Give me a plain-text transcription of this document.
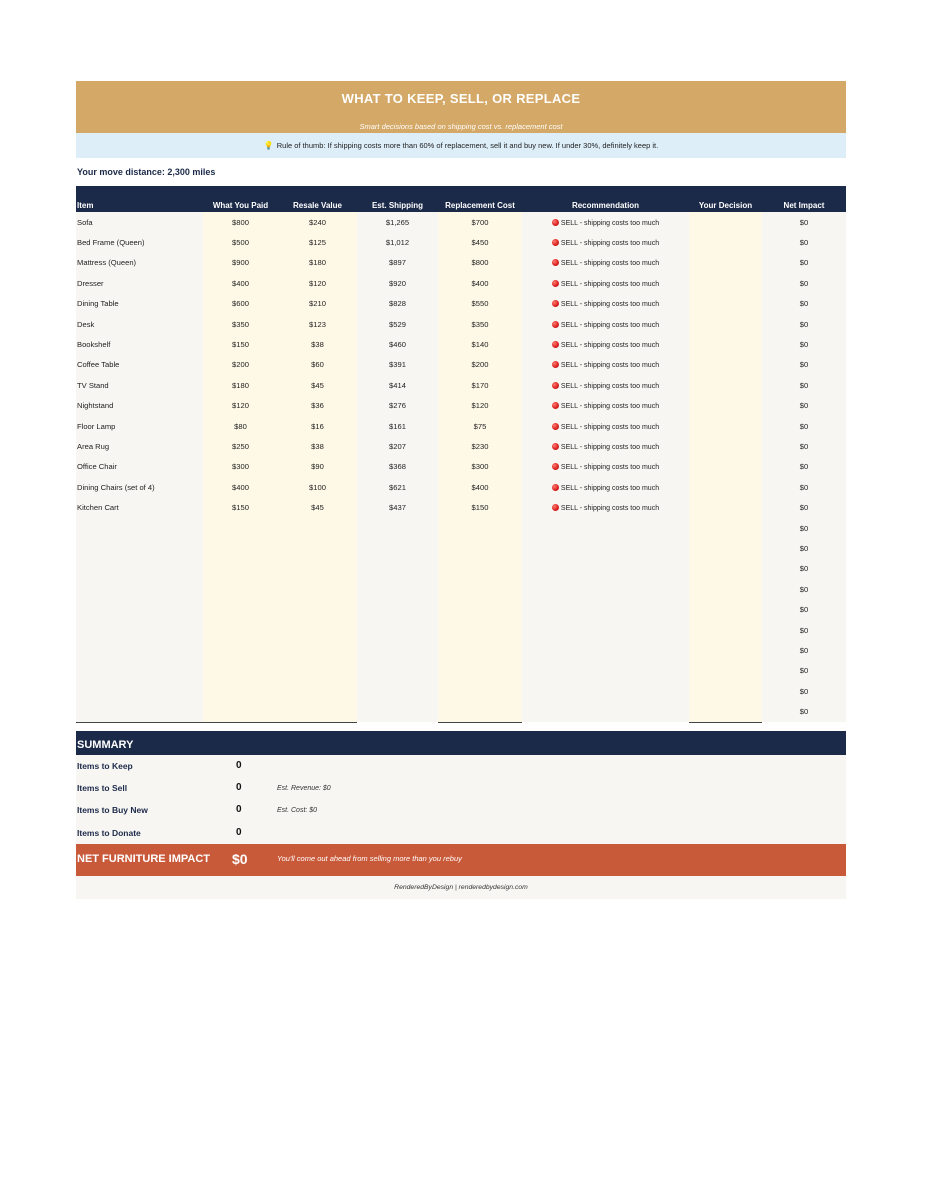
WHAT TO KEEP, SELL, OR REPLACE
Smart decisions based on shipping cost vs. replacement cost
💡 Rule of thumb: If shipping costs more than 60% of replacement, sell it and buy new. If under 30%, definitely keep it.
Your move distance: 2,300 miles
Item	What You Paid	Resale Value	Est. Shipping	Replacement Cost	Recommendation	Your Decision	Net Impact
Sofa	$800	$240	$1,265	$700	SELL - shipping costs too much		$0
Bed Frame (Queen)	$500	$125	$1,012	$450	SELL - shipping costs too much		$0
Mattress (Queen)	$900	$180	$897	$800	SELL - shipping costs too much		$0
Dresser	$400	$120	$920	$400	SELL - shipping costs too much		$0
Dining Table	$600	$210	$828	$550	SELL - shipping costs too much		$0
Desk	$350	$123	$529	$350	SELL - shipping costs too much		$0
Bookshelf	$150	$38	$460	$140	SELL - shipping costs too much		$0
Coffee Table	$200	$60	$391	$200	SELL - shipping costs too much		$0
TV Stand	$180	$45	$414	$170	SELL - shipping costs too much		$0
Nightstand	$120	$36	$276	$120	SELL - shipping costs too much		$0
Floor Lamp	$80	$16	$161	$75	SELL - shipping costs too much		$0
Area Rug	$250	$38	$207	$230	SELL - shipping costs too much		$0
Office Chair	$300	$90	$368	$300	SELL - shipping costs too much		$0
Dining Chairs (set of 4)	$400	$100	$621	$400	SELL - shipping costs too much		$0
Kitchen Cart	$150	$45	$437	$150	SELL - shipping costs too much		$0
							$0
							$0
							$0
							$0
							$0
							$0
							$0
							$0
							$0
							$0
SUMMARY
Items to Keep	0
Items to Sell	0	Est. Revenue: $0
Items to Buy New	0	Est. Cost: $0
Items to Donate	0
NET FURNITURE IMPACT $0	You'll come out ahead from selling more than you rebuy
RenderedByDesign | renderedbydesign.com
